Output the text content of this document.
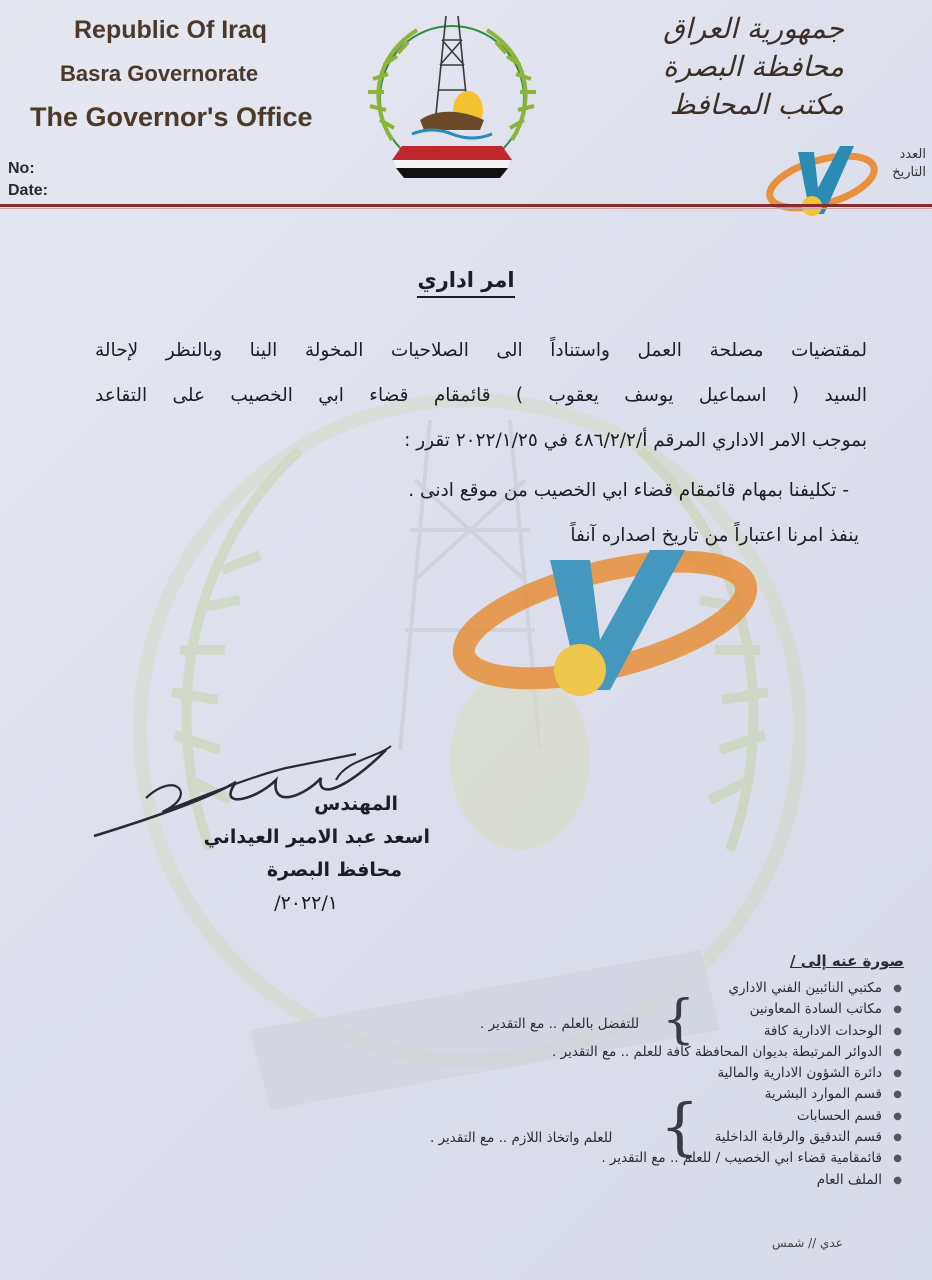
Republic Of Iraq
Basra Governorate
The Governor's Office
No:
Date:
جمهورية العراق
محافظة البصرة
مكتب المحافظ
العدد
التاريخ
امر اداري

لمقتضيات مصلحة العمل واستناداً الى الصلاحيات المخولة الينا وبالنظر لإحالة

السيد ( اسماعيل يوسف يعقوب ) قائمقام قضاء ابي الخصيب على التقاعد

بموجب الامر الاداري المرقم أ/٤٨٦/٢/٢ في ٢٠٢٢/١/٢٥ تقرر :

- تكليفنا بمهام قائمقام قضاء ابي الخصيب من موقع ادنى .

ينفذ امرنا اعتباراً من تاريخ اصداره آنفاً

المهندس
اسعد عبد الامير العيداني
محافظ البصرة
٢٠٢٢/١/
صورة عنه إلى /
● مكتبي النائبين الفني الاداري
● مكاتب السادة المعاونين
● الوحدات الادارية كافة
● الدوائر المرتبطة بديوان المحافظة كافة للعلم .. مع التقدير .
● دائرة الشؤون الادارية والمالية
● قسم الموارد البشرية
● قسم الحسابات
● قسم التدقيق والرقابة الداخلية
● قائمقامية قضاء ابي الخصيب / للعلم .. مع التقدير .
● الملف العام
{
للتفضل بالعلم .. مع التقدير .
{
للعلم واتخاذ اللازم .. مع التقدير .
عدي // شمس
